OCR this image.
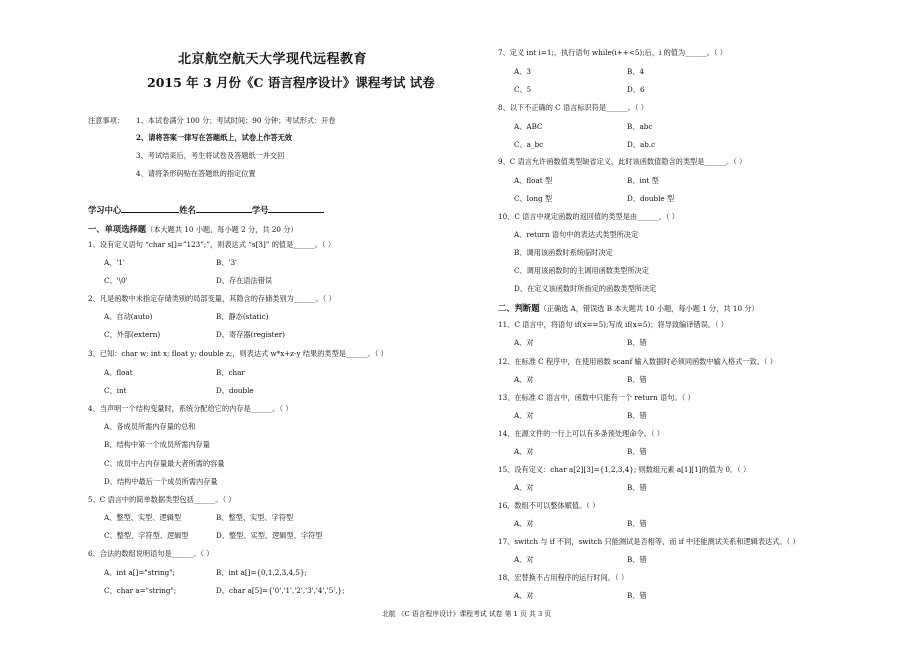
北京航空航天大学现代远程教育
2015 年 3 月份《C 语言程序设计》课程考试 试卷
注意事项： 1、本试卷满分 100 分；考试时间：90 分钟；考试形式：开卷
2、请将答案一律写在答题纸上，试卷上作答无效
3、考试结束后，考生将试卷及答题纸一并交回
4、请将条形码贴在答题纸的指定位置
学习中心	姓名	学号
一、单项选择题（本大题共 10 小题，每小题 2 分，共 20 分）
1、设有定义语句 “char s[]=”123”;”，则表达式 “s[3]” 的值是______。（ ）
A、'1'	B、'3'
C、'\0'	D、存在语法错误
2、凡是函数中未指定存储类别的局部变量，其隐含的存储类别为______。（ ）
A、自动(auto)	B、静态(static)
C、外部(extern)	D、寄存器(register)
3、已知：char w; int x; float y; double z;，则表达式 w*x+z-y 结果的类型是______。（ ）
A、float	B、char
C、int	D、double
4、当声明一个结构变量时，系统分配给它的内存是______。（ ）
A、各成员所需内存量的总和
B、结构中第一个成员所需内存量
C、成员中占内存量最大者所需的容量
D、结构中最后一个成员所需内存量
5、C 语言中的简单数据类型包括______。（ ）
A、整型、实型、逻辑型	B、整型、实型、字符型
C、整型、字符型、逻辑型	D、整型、实型、逻辑型、字符型
6、合法的数组说明语句是______。（ ）
A、int a[]="string";	B、int a[]={0,1,2,3,4,5};
C、char a="string";	D、char a[5]={'0','1','2','3','4','5',};
7、定义 int i=1;，执行语句 while(i++<5);后，i 的值为______。（ ）
A、3	B、4
C、5	D、6
8、以下不正确的 C 语言标识符是______。（ ）
A、ABC	B、abc
C、a_bc	D、ab.c
9、C 语言允许函数值类型缺省定义，此时该函数值隐含的类型是______。（ ）
A、float 型	B、int 型
C、long 型	D、double 型
10、C 语言中规定函数的返回值的类型是由______。（ ）
A、return 语句中的表达式类型所决定
B、调用该函数时系统临时决定
C、调用该函数时的主调用函数类型所决定
D、在定义该函数时所指定的函数类型所决定
二、判断题（正确选 A，错误选 B 本大题共 10 小题，每小题 1 分，共 10 分）
11、C 语言中，将语句 if(x==5);写成 if(x=5)；将导致编译错误。（ ）
A、对	B、错
12、在标准 C 程序中，在使用函数 scanf 输入数据时必须同函数中输入格式一致。（ ）
A、对	B、错
13、在标准 C 语言中，函数中只能有一个 return 语句。（ ）
A、对	B、错
14、在源文件的一行上可以有多条预处理命令。（ ）
A、对	B、错
15、设有定义：char a[2][3]={1,2,3,4}; 则数组元素 a[1][1]的值为 0。（ ）
A、对	B、错
16、数组不可以整体赋值。（ ）
A、对	B、错
17、switch 与 if 不同，switch 只能测试是否相等，而 if 中还能测试关系和逻辑表达式。（ ）
A、对	B、错
18、宏替换不占用程序的运行时间。（ ）
A、对	B、错
北航 《C 语言程序设计》课程考试 试卷 第 1 页 共 3 页
